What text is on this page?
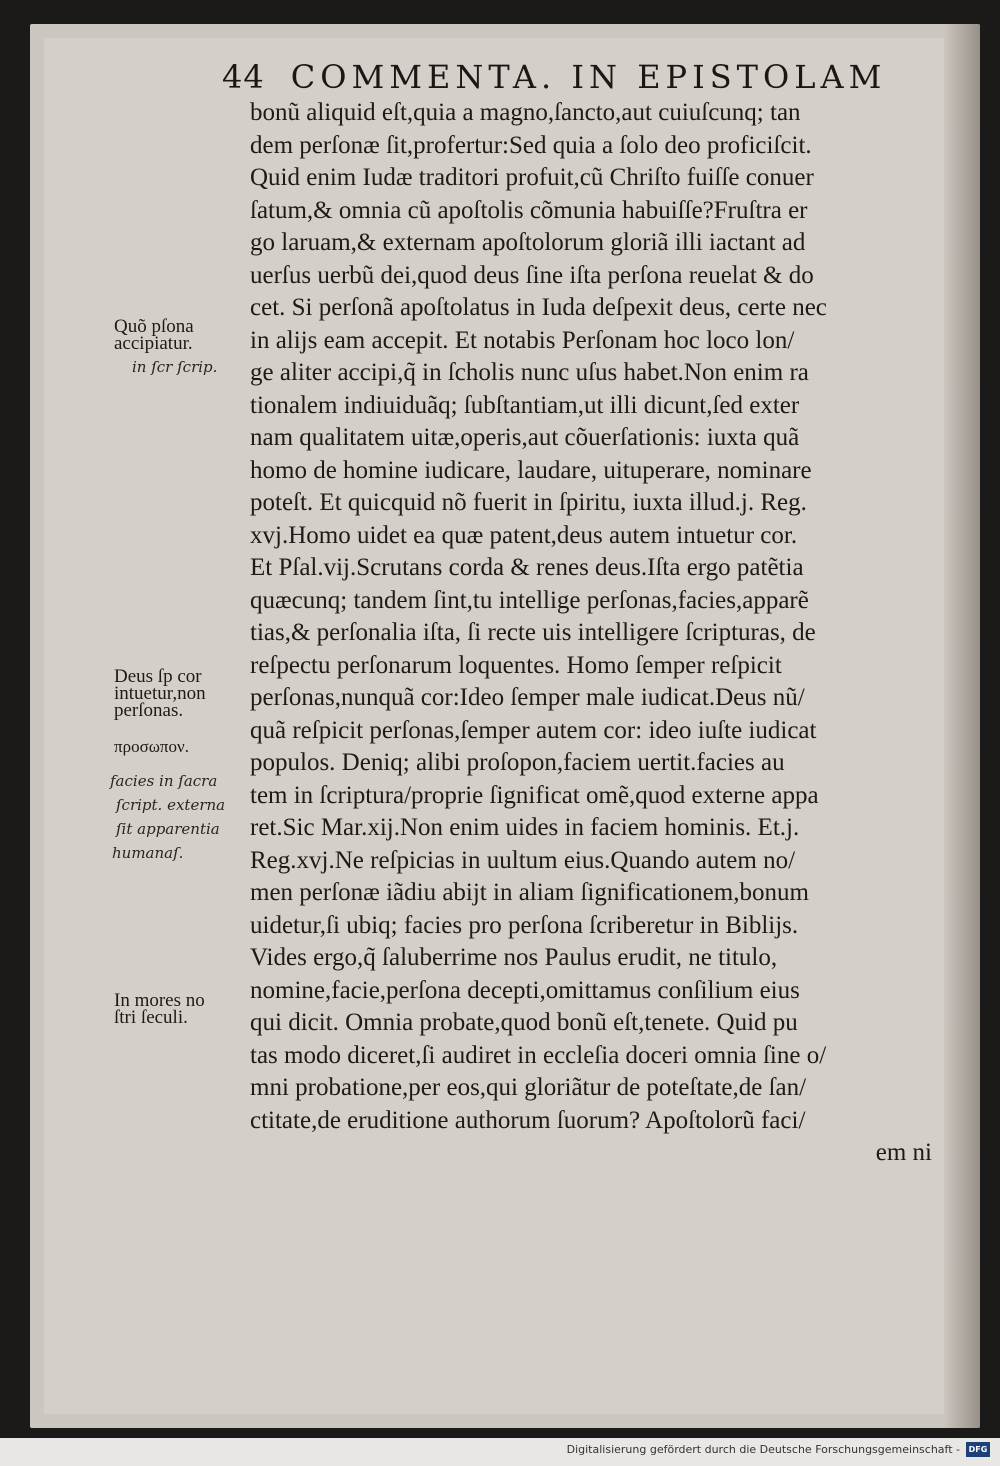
44 COMMENTA. IN EPISTOLAM
bonũ aliquid eſt,quia a magno,ſancto,aut cuiuſcunq; tan
dem perſonæ ſit,profertur:Sed quia a ſolo deo proficiſcit.
Quid enim Iudæ traditori profuit,cũ Chriſto fuiſſe conuer
ſatum,& omnia cũ apoſtolis cõmunia habuiſſe?Fruſtra er
go laruam,& externam apoſtolorum gloriã illi iactant ad
uerſus uerbũ dei,quod deus ſine iſta perſona reuelat & do
cet. Si perſonã apoſtolatus in Iuda deſpexit deus, certe nec
in alijs eam accepit. Et notabis Perſonam hoc loco lon/
ge aliter accipi,q̃ in ſcholis nunc uſus habet.Non enim ra
tionalem indiuiduãq; ſubſtantiam,ut illi dicunt,ſed exter
nam qualitatem uitæ,operis,aut cõuerſationis: iuxta quã
homo de homine iudicare, laudare, uituperare, nominare
poteſt. Et quicquid nõ fuerit in ſpiritu, iuxta illud.j. Reg.
xvj.Homo uidet ea quæ patent,deus autem intuetur cor.
Et Pſal.vij.Scrutans corda & renes deus.Iſta ergo patẽtia
quæcunq; tandem ſint,tu intellige perſonas,facies,apparẽ
tias,& perſonalia iſta, ſi recte uis intelligere ſcripturas, de
reſpectu perſonarum loquentes. Homo ſemper reſpicit
perſonas,nunquã cor:Ideo ſemper male iudicat.Deus nũ/
quã reſpicit perſonas,ſemper autem cor: ideo iuſte iudicat
populos. Deniq; alibi proſopon,faciem uertit.facies au
tem in ſcriptura/proprie ſignificat omẽ,quod externe appa
ret.Sic Mar.xij.Non enim uides in faciem hominis. Et.j.
Reg.xvj.Ne reſpicias in uultum eius.Quando autem no/
men perſonæ iãdiu abijt in aliam ſignificationem,bonum
uidetur,ſi ubiq; facies pro perſona ſcriberetur in Biblijs.
Vides ergo,q̃ ſaluberrime nos Paulus erudit, ne titulo,
nomine,facie,perſona decepti,omittamus conſilium eius
qui dicit. Omnia probate,quod bonũ eſt,tenete. Quid pu
tas modo diceret,ſi audiret in eccleſia doceri omnia ſine o/
mni probatione,per eos,qui gloriãtur de poteſtate,de ſan/
ctitate,de eruditione authorum ſuorum? Apoſtolorũ faci/
em ni
Quõ pſona
accipiatur.
in ſcr ſcrip.
Deus ſp cor
intuetur,non
perſonas.
προσωπον.
facies in ſacra
ſcript. externa
ſit apparentia
humanaſ.
In mores no
ſtri ſeculi.
Digitalisierung gefördert durch die Deutsche Forschungsgemeinschaft -	DFG
